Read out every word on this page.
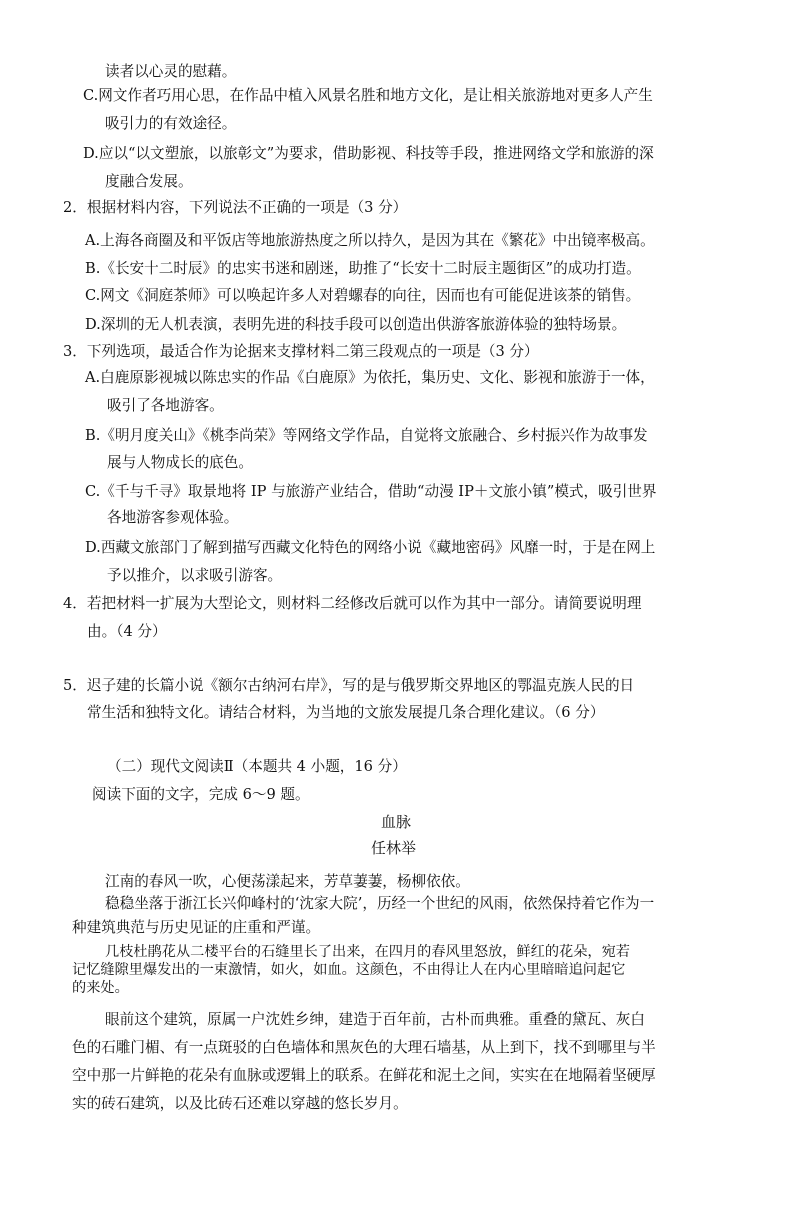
读者以心灵的慰藉。
C.网文作者巧用心思，在作品中植入风景名胜和地方文化，是让相关旅游地对更多人产生
吸引力的有效途径。
D.应以“以文塑旅，以旅彰文”为要求，借助影视、科技等手段，推进网络文学和旅游的深
度融合发展。
2．根据材料内容，下列说法不正确的一项是（3 分）
A.上海各商圈及和平饭店等地旅游热度之所以持久，是因为其在《繁花》中出镜率极高。
B.《长安十二时辰》的忠实书迷和剧迷，助推了“长安十二时辰主题街区”的成功打造。
C.网文《洞庭茶师》可以唤起许多人对碧螺春的向往，因而也有可能促进该茶的销售。
D.深圳的无人机表演，表明先进的科技手段可以创造出供游客旅游体验的独特场景。
3．下列选项，最适合作为论据来支撑材料二第三段观点的一项是（3 分）
A.白鹿原影视城以陈忠实的作品《白鹿原》为依托，集历史、文化、影视和旅游于一体，
吸引了各地游客。
B.《明月度关山》《桃李尚荣》等网络文学作品，自觉将文旅融合、乡村振兴作为故事发
展与人物成长的底色。
C.《千与千寻》取景地将 IP 与旅游产业结合，借助“动漫 IP＋文旅小镇”模式，吸引世界
各地游客参观体验。
D.西藏文旅部门了解到描写西藏文化特色的网络小说《藏地密码》风靡一时，于是在网上
予以推介，以求吸引游客。
4．若把材料一扩展为大型论文，则材料二经修改后就可以作为其中一部分。请简要说明理
由。（4 分）
5．迟子建的长篇小说《额尔古纳河右岸》，写的是与俄罗斯交界地区的鄂温克族人民的日
常生活和独特文化。请结合材料，为当地的文旅发展提几条合理化建议。（6 分）
（二）现代文阅读Ⅱ（本题共 4 小题，16 分）
阅读下面的文字，完成 6～9 题。
血脉
任林举
江南的春风一吹，心便荡漾起来，芳草萋萋，杨柳依依。
稳稳坐落于浙江长兴仰峰村的‘沈家大院’，历经一个世纪的风雨，依然保持着它作为一
种建筑典范与历史见证的庄重和严谨。
几枝杜鹃花从二楼平台的石缝里长了出来，在四月的春风里怒放，鲜红的花朵，宛若
记忆缝隙里爆发出的一束激情，如火，如血。这颜色，不由得让人在内心里暗暗追问起它
的来处。
眼前这个建筑，原属一户沈姓乡绅，建造于百年前，古朴而典雅。重叠的黛瓦、灰白
色的石雕门楣、有一点斑驳的白色墙体和黑灰色的大理石墙基，从上到下，找不到哪里与半
空中那一片鲜艳的花朵有血脉或逻辑上的联系。在鲜花和泥土之间，实实在在地隔着坚硬厚
实的砖石建筑，以及比砖石还难以穿越的悠长岁月。
